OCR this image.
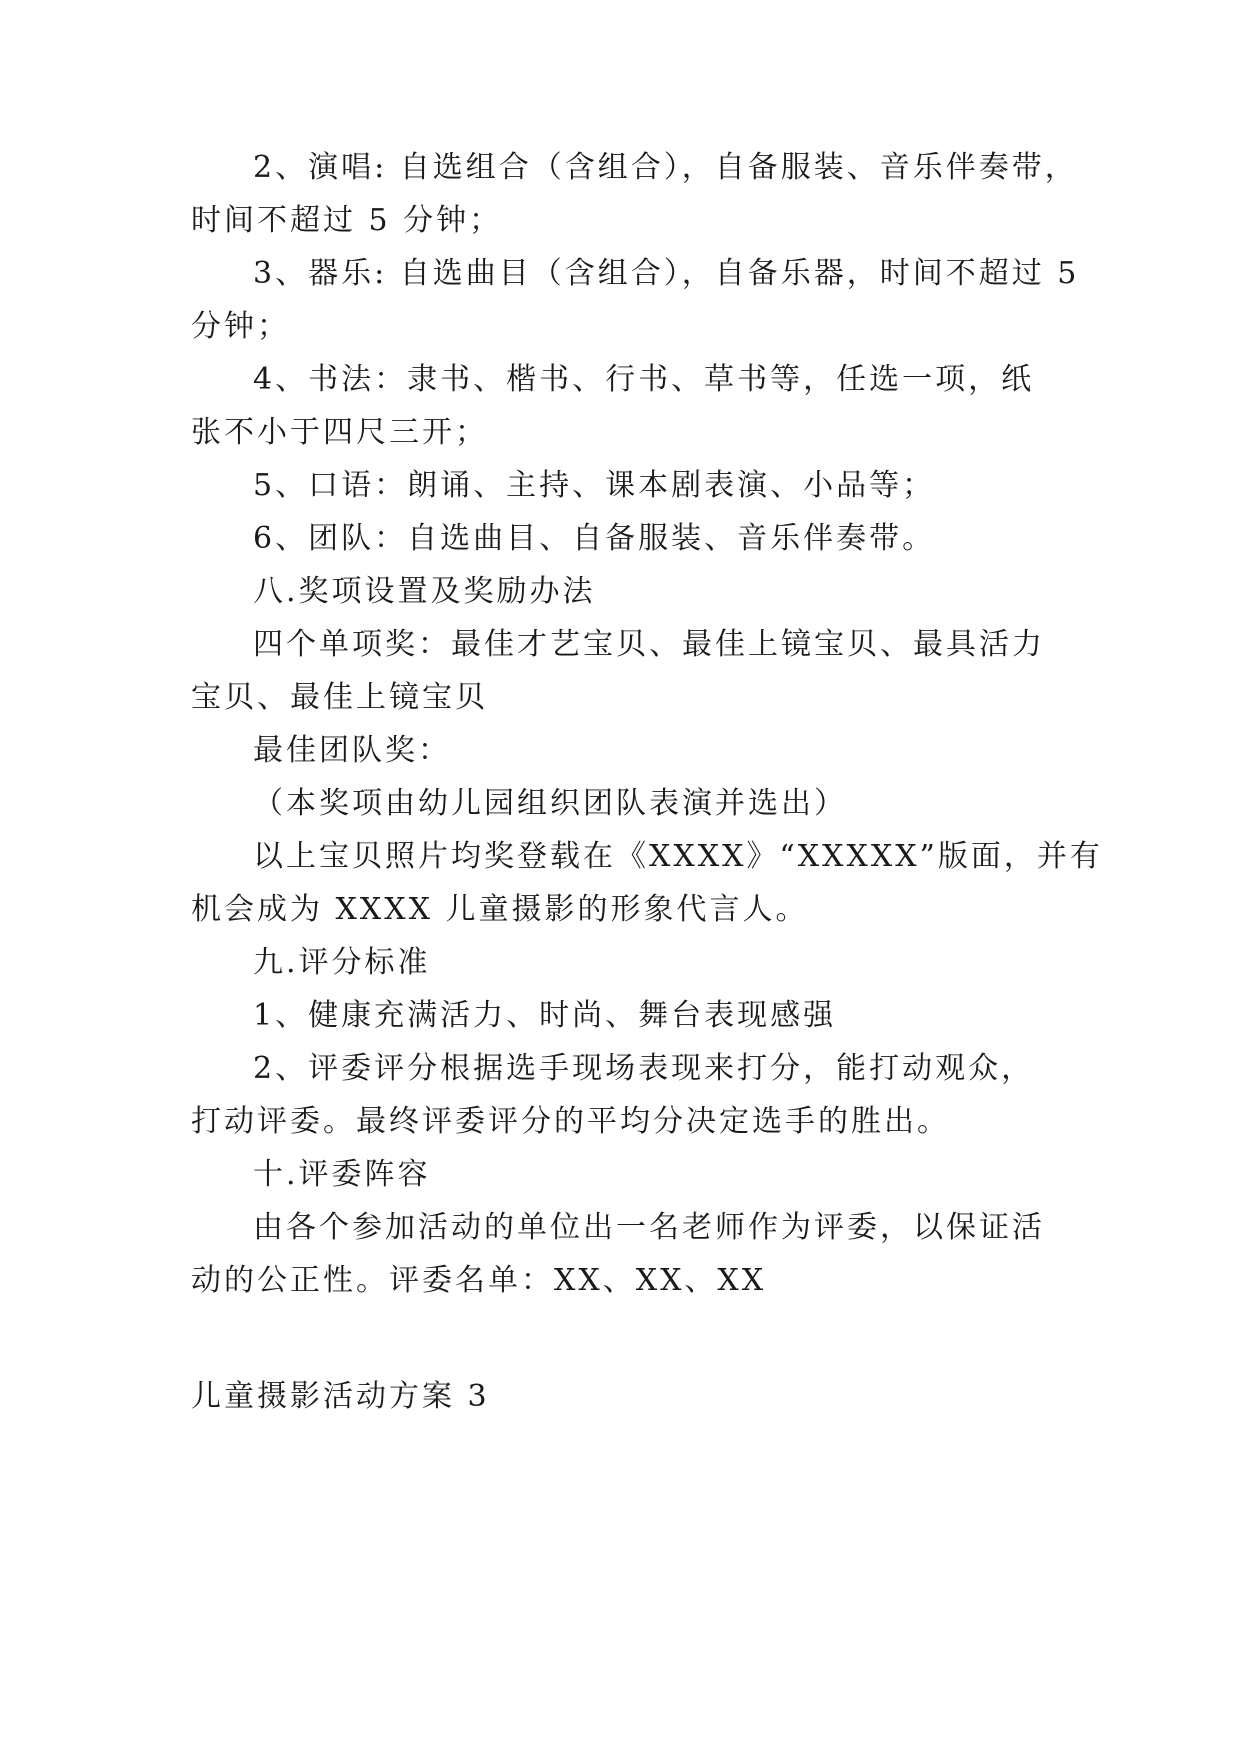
2、演唱: 自选组合（含组合），自备服装、音乐伴奏带，
时间不超过 5 分钟；
3、器乐: 自选曲目（含组合），自备乐器，时间不超过 5
分钟；
4、书法：隶书、楷书、行书、草书等，任选一项，纸
张不小于四尺三开；
5、口语：朗诵、主持、课本剧表演、小品等；
6、团队：自选曲目、自备服装、音乐伴奏带。
八.奖项设置及奖励办法
四个单项奖：最佳才艺宝贝、最佳上镜宝贝、最具活力
宝贝、最佳上镜宝贝
最佳团队奖：
（本奖项由幼儿园组织团队表演并选出）
以上宝贝照片均奖登载在《XXXX》“XXXXX”版面，并有
机会成为 XXXX 儿童摄影的形象代言人。
九.评分标准
1、健康充满活力、时尚、舞台表现感强
2、评委评分根据选手现场表现来打分，能打动观众，
打动评委。最终评委评分的平均分决定选手的胜出。
十.评委阵容
由各个参加活动的单位出一名老师作为评委，以保证活
动的公正性。评委名单：XX、XX、XX
儿童摄影活动方案 3
